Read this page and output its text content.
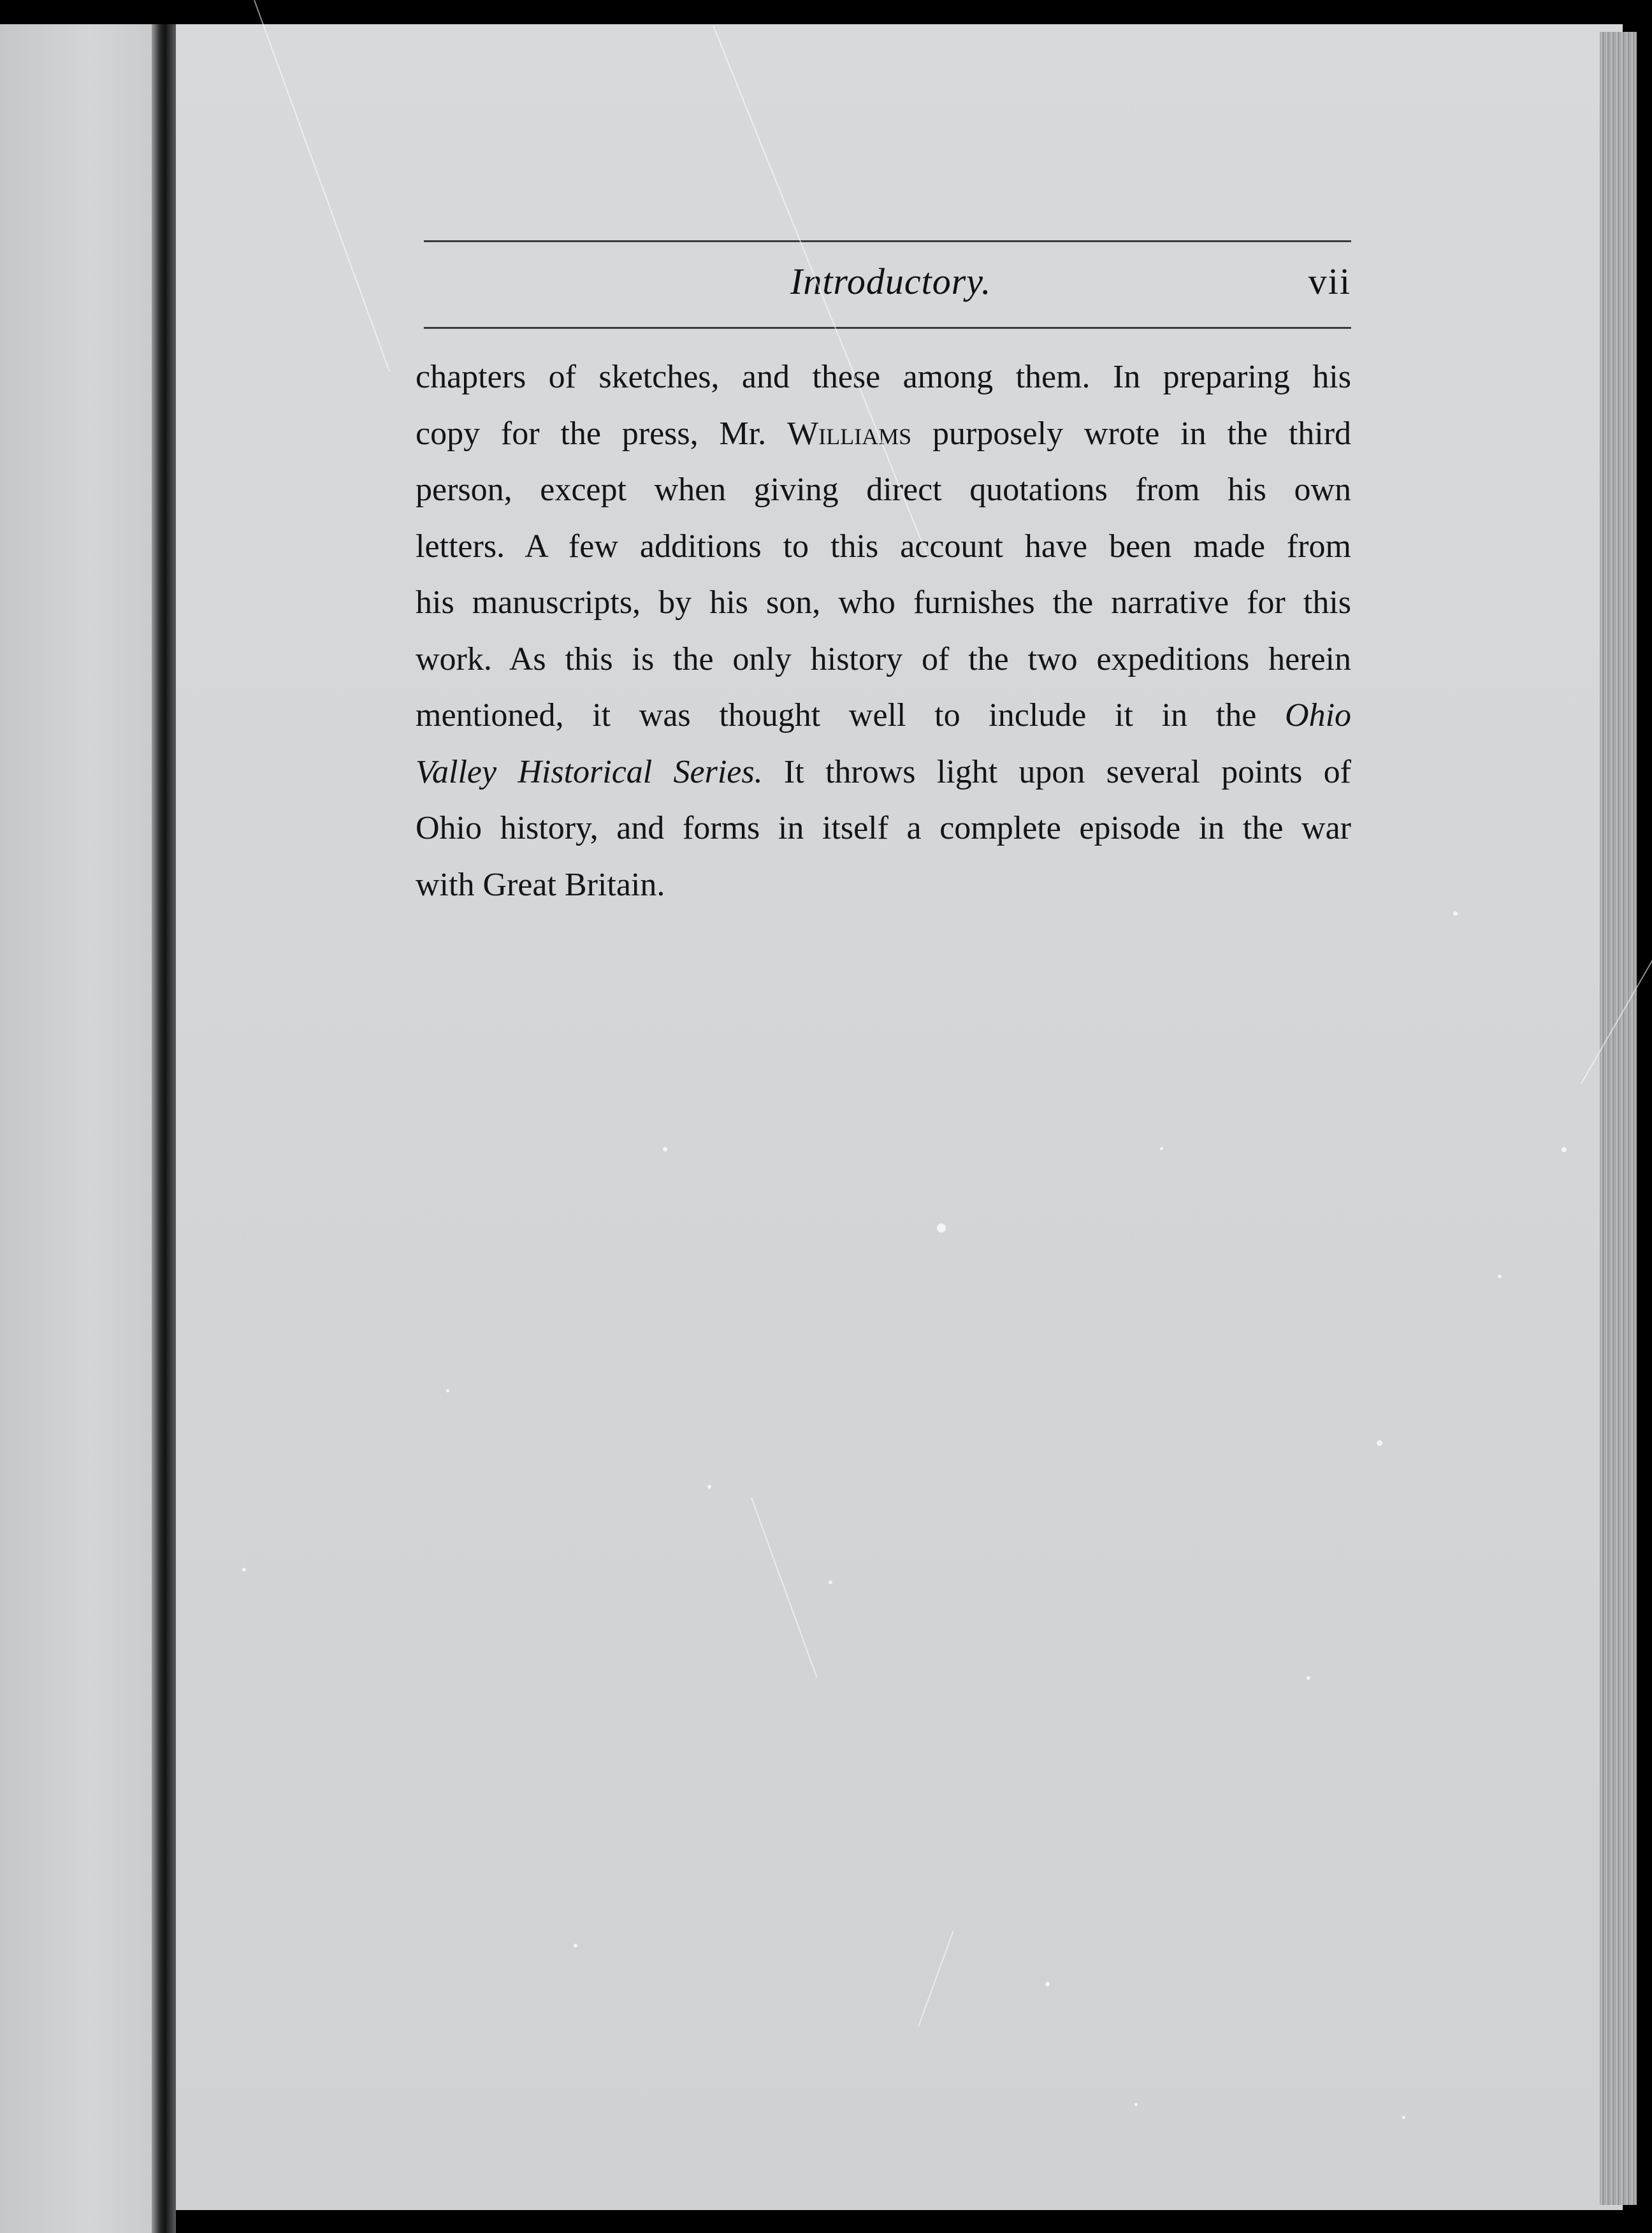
Introductory.	vii
chapters of sketches, and these among them. In preparing his
copy for the press, Mr. Williams purposely wrote in the third
person, except when giving direct quotations from his own
letters. A few additions to this account have been made from
his manuscripts, by his son, who furnishes the narrative for this
work. As this is the only history of the two expeditions herein
mentioned, it was thought well to include it in the Ohio
Valley Historical Series. It throws light upon several points of
Ohio history, and forms in itself a complete episode in the war
with Great Britain.
